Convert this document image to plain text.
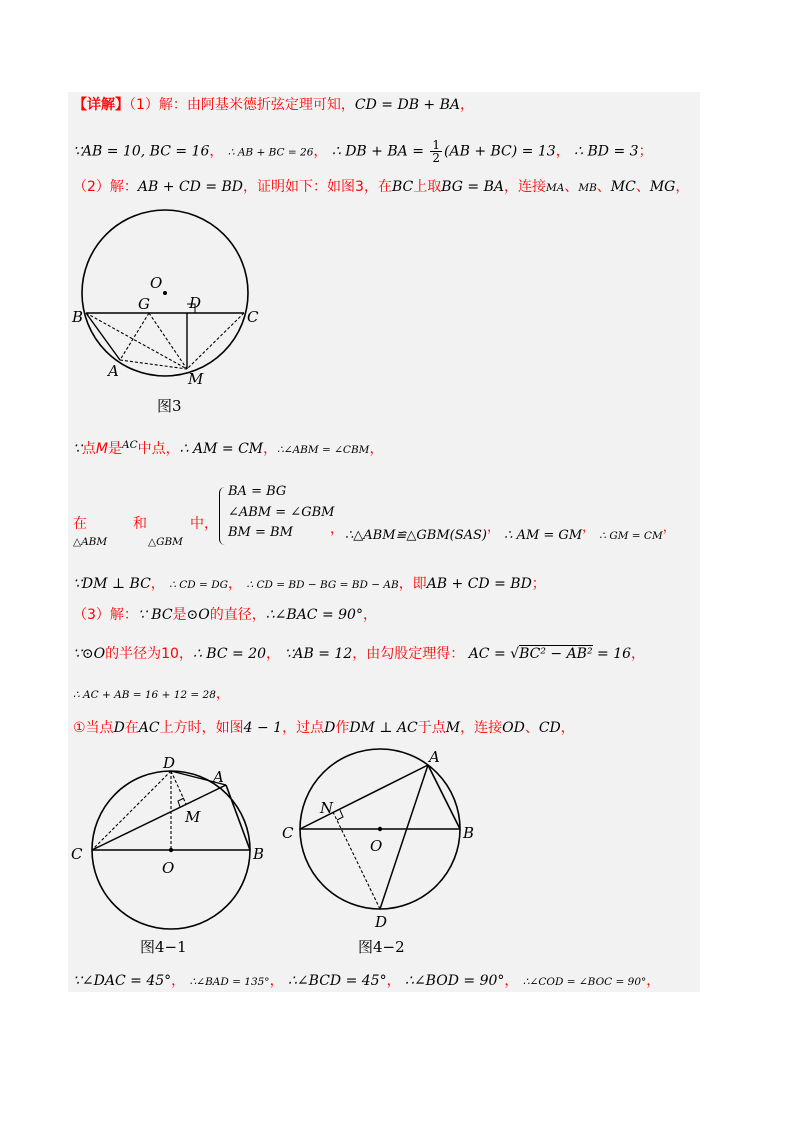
【详解】（1）解：由阿基米德折弦定理可知，CD = DB + BA，
∵AB = 10, BC = 16， ∴ AB + BC = 26， ∴ DB + BA = $\frac{1}{2} (AB + BC) = 13$， ∴ BD = 3；
（2）解：AB + CD = BD，证明如下：如图3，在BC上取BG = BA，连接MA、MB、MC、MG，
O
G	D
B	C
A	M
图3
∵点M是$^{AC}$中点，∴ AM = CM，∴∠ABM = ∠CBM，
在
△ABM
和
△GBM
中，
BA = BG
∠ABM = ∠GBM
BM = BM	， ∴△ABM≌△GBM(SAS)， ∴ AM = GM， ∴ GM = CM，
∵DM ⊥ BC， ∴ CD = DG， ∴ CD = BD − BG = BD − AB，即AB + CD = BD；
（3）解：∵ BC是⊙O的直径，∴∠BAC = 90°，
∵⊙O的半径为10，∴ BC = 20， ∵AB = 12，由勾股定理得： AC = √BC² − AB² = 16，
∴ AC + AB = 16 + 12 = 28，
①当点D在AC上方时，如图4 − 1，过点D作DM ⊥ AC于点M，连接OD、CD，
D
A
M
C
O
B
图4−1
A
N
C
O
B
D
图4−2
∵∠DAC = 45°， ∴∠BAD = 135°， ∴∠BCD = 45°， ∴∠BOD = 90°， ∴∠COD = ∠BOC = 90°，
